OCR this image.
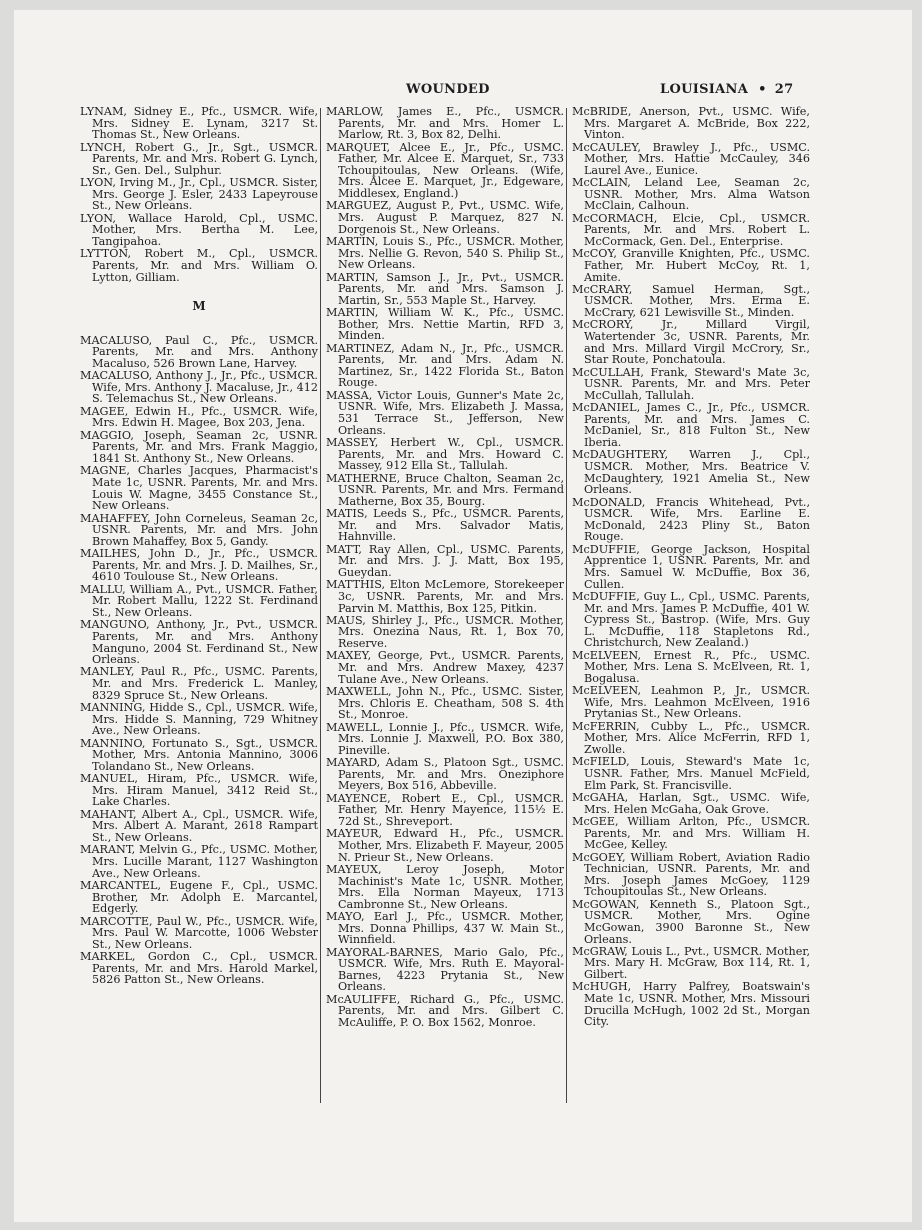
WOUNDED	LOUISIANA • 27

LYNAM, Sidney E., Pfc., USMCR. Wife, Mrs. Sidney E. Lynam, 3217 St. Thomas St., New Orleans.

LYNCH, Robert G., Jr., Sgt., USMCR. Parents, Mr. and Mrs. Robert G. Lynch, Sr., Gen. Del., Sulphur.

LYON, Irving M., Jr., Cpl., USMCR. Sister, Mrs. George J. Esler, 2433 Lapeyrouse St., New Orleans.

LYON, Wallace Harold, Cpl., USMC. Mother, Mrs. Bertha M. Lee, Tangipahoa.

LYTTON, Robert M., Cpl., USMCR. Parents, Mr. and Mrs. William O. Lytton, Gilliam.

M

MACALUSO, Paul C., Pfc., USMCR. Parents, Mr. and Mrs. Anthony Macaluso, 526 Brown Lane, Harvey.

MACALUSO, Anthony J., Jr., Pfc., USMCR. Wife, Mrs. Anthony J. Macaluse, Jr., 412 S. Telemachus St., New Orleans.

MAGEE, Edwin H., Pfc., USMCR. Wife, Mrs. Edwin H. Magee, Box 203, Jena.

MAGGIO, Joseph, Seaman 2c, USNR. Parents, Mr. and Mrs. Frank Maggio, 1841 St. Anthony St., New Orleans.

MAGNE, Charles Jacques, Pharmacist's Mate 1c, USNR. Parents, Mr. and Mrs. Louis W. Magne, 3455 Constance St., New Orleans.

MAHAFFEY, John Corneleus, Seaman 2c, USNR. Parents, Mr. and Mrs. John Brown Mahaffey, Box 5, Gandy.

MAILHES, John D., Jr., Pfc., USMCR. Parents, Mr. and Mrs. J. D. Mailhes, Sr., 4610 Toulouse St., New Orleans.

MALLU, William A., Pvt., USMCR. Father, Mr. Robert Mallu, 1222 St. Ferdinand St., New Orleans.

MANGUNO, Anthony, Jr., Pvt., USMCR. Parents, Mr. and Mrs. Anthony Manguno, 2004 St. Ferdinand St., New Orleans.

MANLEY, Paul R., Pfc., USMC. Parents, Mr. and Mrs. Frederick L. Manley, 8329 Spruce St., New Orleans.

MANNING, Hidde S., Cpl., USMCR. Wife, Mrs. Hidde S. Manning, 729 Whitney Ave., New Orleans.

MANNINO, Fortunato S., Sgt., USMCR. Mother, Mrs. Antonia Mannino, 3006 Tolandano St., New Orleans.

MANUEL, Hiram, Pfc., USMCR. Wife, Mrs. Hiram Manuel, 3412 Reid St., Lake Charles.

MAHANT, Albert A., Cpl., USMCR. Wife, Mrs. Albert A. Marant, 2618 Rampart St., New Orleans.

MARANT, Melvin G., Pfc., USMC. Mother, Mrs. Lucille Marant, 1127 Washington Ave., New Orleans.

MARCANTEL, Eugene F., Cpl., USMC. Brother, Mr. Adolph E. Marcantel, Edgerly.

MARCOTTE, Paul W., Pfc., USMCR. Wife, Mrs. Paul W. Marcotte, 1006 Webster St., New Orleans.

MARKEL, Gordon C., Cpl., USMCR. Parents, Mr. and Mrs. Harold Markel, 5826 Patton St., New Orleans.

MARLOW, James E., Pfc., USMCR. Parents, Mr. and Mrs. Homer L. Marlow, Rt. 3, Box 82, Delhi.

MARQUET, Alcee E., Jr., Pfc., USMC. Father, Mr. Alcee E. Marquet, Sr., 733 Tchoupitoulas, New Orleans. (Wife, Mrs. Alcee E. Marquet, Jr., Edgeware, Middlesex, England.)

MARGUEZ, August P., Pvt., USMC. Wife, Mrs. August P. Marquez, 827 N. Dorgenois St., New Orleans.

MARTIN, Louis S., Pfc., USMCR. Mother, Mrs. Nellie G. Revon, 540 S. Philip St., New Orleans.

MARTIN, Samson J., Jr., Pvt., USMCR. Parents, Mr. and Mrs. Samson J. Martin, Sr., 553 Maple St., Harvey.

MARTIN, William W. K., Pfc., USMC. Bother, Mrs. Nettie Martin, RFD 3, Minden.

MARTINEZ, Adam N., Jr., Pfc., USMCR. Parents, Mr. and Mrs. Adam N. Martinez, Sr., 1422 Florida St., Baton Rouge.

MASSA, Victor Louis, Gunner's Mate 2c, USNR. Wife, Mrs. Elizabeth J. Massa, 531 Terrace St., Jefferson, New Orleans.

MASSEY, Herbert W., Cpl., USMCR. Parents, Mr. and Mrs. Howard C. Massey, 912 Ella St., Tallulah.

MATHERNE, Bruce Chalton, Seaman 2c, USNR. Parents, Mr. and Mrs. Fermand Matherne, Box 35, Bourg.

MATIS, Leeds S., Pfc., USMCR. Parents, Mr. and Mrs. Salvador Matis, Hahnville.

MATT, Ray Allen, Cpl., USMC. Parents, Mr. and Mrs. J. J. Matt, Box 195, Gueydan.

MATTHIS, Elton McLemore, Storekeeper 3c, USNR. Parents, Mr. and Mrs. Parvin M. Matthis, Box 125, Pitkin.

MAUS, Shirley J., Pfc., USMCR. Mother, Mrs. Onezina Naus, Rt. 1, Box 70, Reserve.

MAXEY, George, Pvt., USMCR. Parents, Mr. and Mrs. Andrew Maxey, 4237 Tulane Ave., New Orleans.

MAXWELL, John N., Pfc., USMC. Sister, Mrs. Chloris E. Cheatham, 508 S. 4th St., Monroe.

MAWELL, Lonnie J., Pfc., USMCR. Wife, Mrs. Lonnie J. Maxwell, P.O. Box 380, Pineville.

MAYARD, Adam S., Platoon Sgt., USMC. Parents, Mr. and Mrs. Oneziphore Meyers, Box 516, Abbeville.

MAYENCE, Robert E., Cpl., USMCR. Father, Mr. Henry Mayence, 115½ E. 72d St., Shreveport.

MAYEUR, Edward H., Pfc., USMCR. Mother, Mrs. Elizabeth F. Mayeur, 2005 N. Prieur St., New Orleans.

MAYEUX, Leroy Joseph, Motor Machinist's Mate 1c, USNR. Mother, Mrs. Ella Norman Mayeux, 1713 Cambronne St., New Orleans.

MAYO, Earl J., Pfc., USMCR. Mother, Mrs. Donna Phillips, 437 W. Main St., Winnfield.

MAYORAL-BARNES, Mario Galo, Pfc., USMCR. Wife, Mrs. Ruth E. Mayoral-Barnes, 4223 Prytania St., New Orleans.

McAULIFFE, Richard G., Pfc., USMC. Parents, Mr. and Mrs. Gilbert C. McAuliffe, P. O. Box 1562, Monroe.

McBRIDE, Anerson, Pvt., USMC. Wife, Mrs. Margaret A. McBride, Box 222, Vinton.

McCAULEY, Brawley J., Pfc., USMC. Mother, Mrs. Hattie McCauley, 346 Laurel Ave., Eunice.

McCLAIN, Leland Lee, Seaman 2c, USNR. Mother, Mrs. Alma Watson McClain, Calhoun.

McCORMACH, Elcie, Cpl., USMCR. Parents, Mr. and Mrs. Robert L. McCormack, Gen. Del., Enterprise.

McCOY, Granville Knighten, Pfc., USMC. Father, Mr. Hubert McCoy, Rt. 1, Amite.

McCRARY, Samuel Herman, Sgt., USMCR. Mother, Mrs. Erma E. McCrary, 621 Lewisville St., Minden.

McCRORY, Jr., Millard Virgil, Watertender 3c, USNR. Parents, Mr. and Mrs. Millard Virgil McCrory, Sr., Star Route, Ponchatoula.

McCULLAH, Frank, Steward's Mate 3c, USNR. Parents, Mr. and Mrs. Peter McCullah, Tallulah.

McDANIEL, James C., Jr., Pfc., USMCR. Parents, Mr. and Mrs. James C. McDaniel, Sr., 818 Fulton St., New Iberia.

McDAUGHTERY, Warren J., Cpl., USMCR. Mother, Mrs. Beatrice V. McDaughtery, 1921 Amelia St., New Orleans.

McDONALD, Francis Whitehead, Pvt., USMCR. Wife, Mrs. Earline E. McDonald, 2423 Pliny St., Baton Rouge.

McDUFFIE, George Jackson, Hospital Apprentice 1, USNR. Parents, Mr. and Mrs. Samuel W. McDuffie, Box 36, Cullen.

McDUFFIE, Guy L., Cpl., USMC. Parents, Mr. and Mrs. James P. McDuffie, 401 W. Cypress St., Bastrop. (Wife, Mrs. Guy L. McDuffie, 118 Stapletons Rd., Christchurch, New Zealand.)

McELVEEN, Ernest R., Pfc., USMC. Mother, Mrs. Lena S. McElveen, Rt. 1, Bogalusa.

McELVEEN, Leahmon P., Jr., USMCR. Wife, Mrs. Leahmon McElveen, 1916 Prytanias St., New Orleans.

McFERRIN, Cubby L., Pfc., USMCR. Mother, Mrs. Alice McFerrin, RFD 1, Zwolle.

McFIELD, Louis, Steward's Mate 1c, USNR. Father, Mrs. Manuel McField, Elm Park, St. Francisville.

McGAHA, Harlan, Sgt., USMC. Wife, Mrs. Helen McGaha, Oak Grove.

McGEE, William Arlton, Pfc., USMCR. Parents, Mr. and Mrs. William H. McGee, Kelley.

McGOEY, William Robert, Aviation Radio Technician, USNR. Parents, Mr. and Mrs. Joseph James McGoey, 1129 Tchoupitoulas St., New Orleans.

McGOWAN, Kenneth S., Platoon Sgt., USMCR. Mother, Mrs. Ogine McGowan, 3900 Baronne St., New Orleans.

McGRAW, Louis L., Pvt., USMCR. Mother, Mrs. Mary H. McGraw, Box 114, Rt. 1, Gilbert.

McHUGH, Harry Palfrey, Boatswain's Mate 1c, USNR. Mother, Mrs. Missouri Drucilla McHugh, 1002 2d St., Morgan City.
